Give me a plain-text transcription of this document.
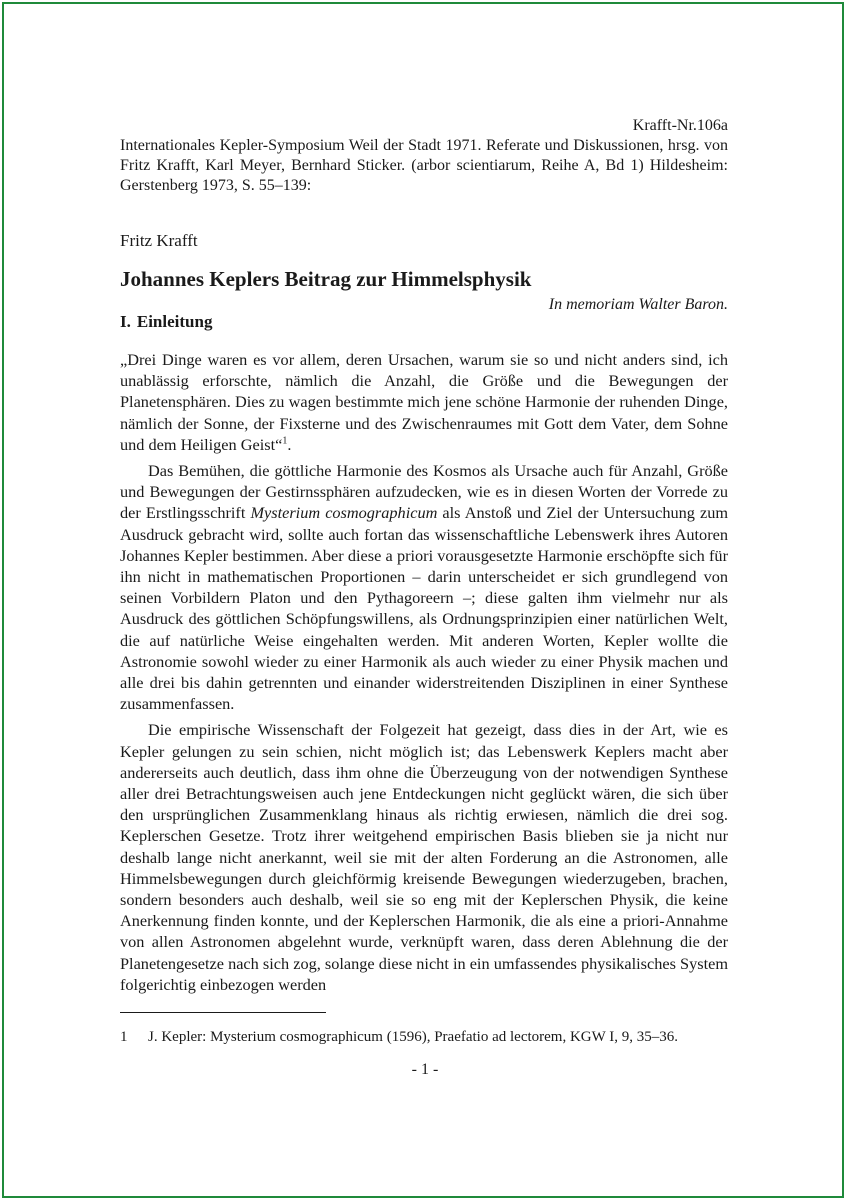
Krafft-Nr.106a
Internationales Kepler-Symposium Weil der Stadt 1971. Referate und Diskussionen, hrsg. von Fritz Krafft, Karl Meyer, Bernhard Sticker. (arbor scientiarum, Reihe A, Bd 1) Hildesheim: Gerstenberg 1973, S. 55–139:
Fritz Krafft
Johannes Keplers Beitrag zur Himmelsphysik
In memoriam Walter Baron.
I. Einleitung

„Drei Dinge waren es vor allem, deren Ursachen, warum sie so und nicht anders sind, ich unablässig erforschte, nämlich die Anzahl, die Größe und die Bewegungen der Planetensphären. Dies zu wagen bestimmte mich jene schöne Harmonie der ruhenden Dinge, nämlich der Sonne, der Fixsterne und des Zwischenraumes mit Gott dem Vater, dem Sohne und dem Heiligen Geist“$^1$.

Das Bemühen, die göttliche Harmonie des Kosmos als Ursache auch für Anzahl, Größe und Bewegungen der Gestirnssphären aufzudecken, wie es in diesen Worten der Vorrede zu der Erstlingsschrift Mysterium cosmographicum als Anstoß und Ziel der Untersuchung zum Ausdruck gebracht wird, sollte auch fortan das wissenschaftliche Lebenswerk ihres Autoren Johannes Kepler bestimmen. Aber diese a priori vorausgesetzte Harmonie erschöpfte sich für ihn nicht in mathematischen Proportionen – darin unterscheidet er sich grundlegend von seinen Vorbildern Platon und den Pythagoreern –; diese galten ihm vielmehr nur als Ausdruck des göttlichen Schöpfungswillens, als Ordnungsprinzipien einer natürlichen Welt, die auf natürliche Weise eingehalten werden. Mit anderen Worten, Kepler wollte die Astronomie sowohl wieder zu einer Harmonik als auch wieder zu einer Physik machen und alle drei bis dahin getrennten und einander widerstreitenden Disziplinen in einer Synthese zusammenfassen.

Die empirische Wissenschaft der Folgezeit hat gezeigt, dass dies in der Art, wie es Kepler gelungen zu sein schien, nicht möglich ist; das Lebenswerk Keplers macht aber andererseits auch deutlich, dass ihm ohne die Überzeugung von der notwendigen Synthese aller drei Betrachtungsweisen auch jene Entdeckungen nicht geglückt wären, die sich über den ursprünglichen Zusammenklang hinaus als richtig erwiesen, nämlich die drei sog. Keplerschen Gesetze. Trotz ihrer weitgehend empirischen Basis blieben sie ja nicht nur deshalb lange nicht anerkannt, weil sie mit der alten Forderung an die Astronomen, alle Himmelsbewegungen durch gleichförmig kreisende Bewegungen wiederzugeben, brachen, sondern besonders auch deshalb, weil sie so eng mit der Keplerschen Physik, die keine Anerkennung finden konnte, und der Keplerschen Harmonik, die als eine a priori-Annahme von allen Astronomen abgelehnt wurde, verknüpft waren, dass deren Ablehnung die der Planetengesetze nach sich zog, solange diese nicht in ein umfassendes physikalisches System folgerichtig einbezogen werden

1 J. Kepler: Mysterium cosmographicum (1596), Praefatio ad lectorem, KGW I, 9, 35–36.
- 1 -
